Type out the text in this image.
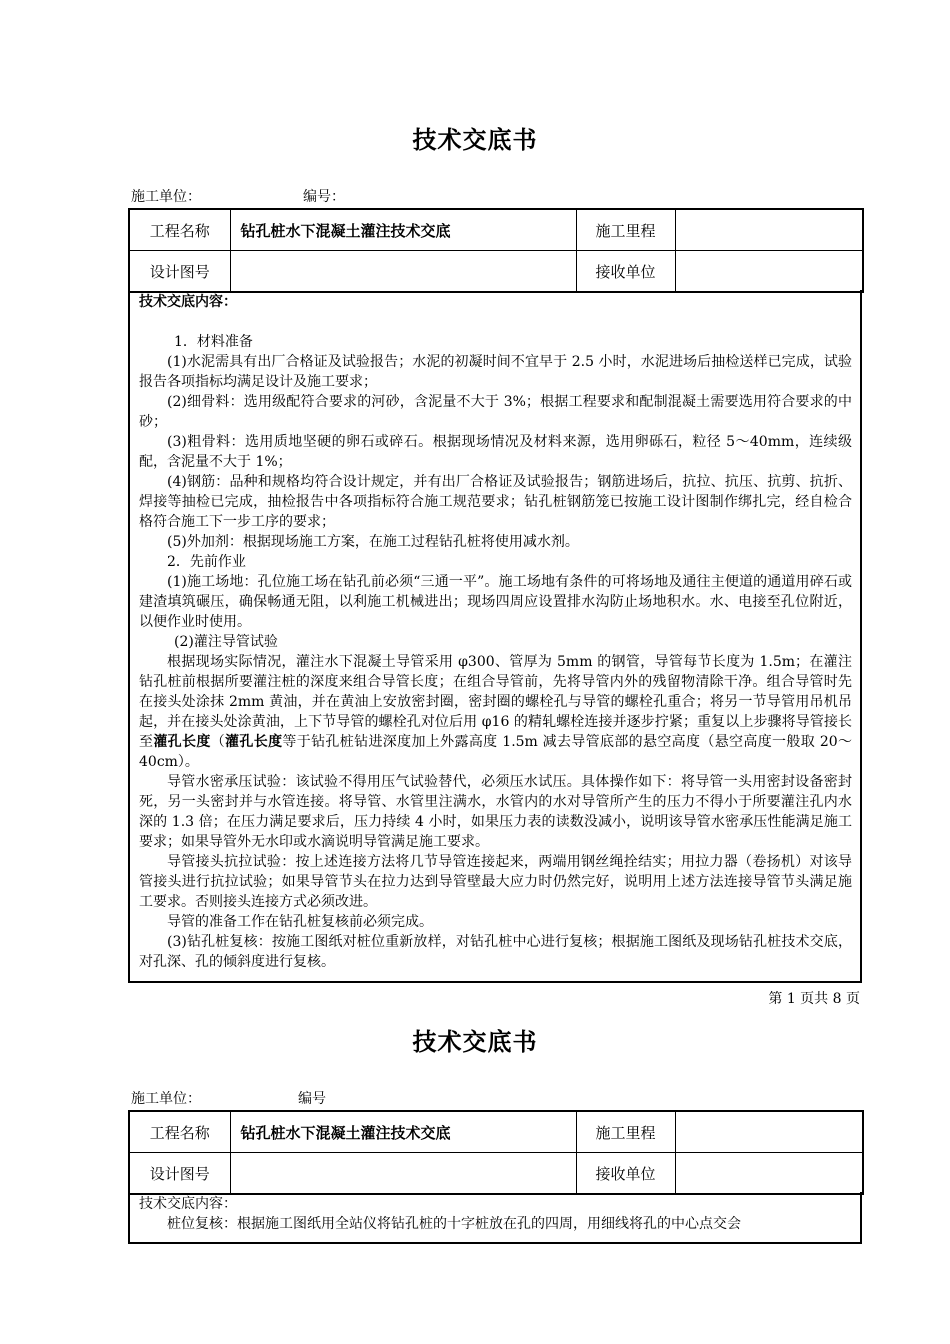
技术交底书
施工单位：	编号：
工程名称	钻孔桩水下混凝土灌注技术交底	施工里程	
设计图号		接收单位	

技术交底内容：

1．材料准备

(1)水泥需具有出厂合格证及试验报告；水泥的初凝时间不宜早于 2.5 小时，水泥进场后抽检送样已完成，试验报告各项指标均满足设计及施工要求；

(2)细骨料：选用级配符合要求的河砂，含泥量不大于 3%；根据工程要求和配制混凝土需要选用符合要求的中砂；

(3)粗骨料：选用质地坚硬的卵石或碎石。根据现场情况及材料来源，选用卵砾石，粒径 5～40mm，连续级配，含泥量不大于 1%；

(4)钢筋：品种和规格均符合设计规定，并有出厂合格证及试验报告；钢筋进场后，抗拉、抗压、抗剪、抗折、焊接等抽检已完成，抽检报告中各项指标符合施工规范要求；钻孔桩钢筋笼已按施工设计图制作绑扎完，经自检合格符合施工下一步工序的要求；

(5)外加剂：根据现场施工方案，在施工过程钻孔桩将使用减水剂。

2．先前作业

(1)施工场地：孔位施工场在钻孔前必须“三通一平”。施工场地有条件的可将场地及通往主便道的通道用碎石或建渣填筑碾压，确保畅通无阻，以利施工机械进出；现场四周应设置排水沟防止场地积水。水、电接至孔位附近，以便作业时使用。

(2)灌注导管试验

根据现场实际情况，灌注水下混凝土导管采用 φ300、管厚为 5mm 的钢管，导管每节长度为 1.5m；在灌注钻孔桩前根据所要灌注桩的深度来组合导管长度；在组合导管前，先将导管内外的残留物清除干净。组合导管时先在接头处涂抹 2mm 黄油，并在黄油上安放密封圈，密封圈的螺栓孔与导管的螺栓孔重合；将另一节导管用吊机吊起，并在接头处涂黄油，上下节导管的螺栓孔对位后用 φ16 的精轧螺栓连接并逐步拧紧；重复以上步骤将导管接长至灌孔长度（灌孔长度等于钻孔桩钻进深度加上外露高度 1.5m 减去导管底部的悬空高度（悬空高度一般取 20～40cm）。

导管水密承压试验：该试验不得用压气试验替代，必须压水试压。具体操作如下：将导管一头用密封设备密封死，另一头密封并与水管连接。将导管、水管里注满水，水管内的水对导管所产生的压力不得小于所要灌注孔内水深的 1.3 倍；在压力满足要求后，压力持续 4 小时，如果压力表的读数没减小，说明该导管水密承压性能满足施工要求；如果导管外无水印或水滴说明导管满足施工要求。

导管接头抗拉试验：按上述连接方法将几节导管连接起来，两端用钢丝绳拴结实；用拉力器（卷扬机）对该导管接头进行抗拉试验；如果导管节头在拉力达到导管壁最大应力时仍然完好，说明用上述方法连接导管节头满足施工要求。否则接头连接方式必须改进。

导管的准备工作在钻孔桩复核前必须完成。

(3)钻孔桩复核：按施工图纸对桩位重新放样，对钻孔桩中心进行复核；根据施工图纸及现场钻孔桩技术交底，对孔深、孔的倾斜度进行复核。

第 1 页共 8 页
技术交底书
施工单位：	编号
工程名称	钻孔桩水下混凝土灌注技术交底	施工里程	
设计图号		接收单位	

技术交底内容：

桩位复核：根据施工图纸用全站仪将钻孔桩的十字桩放在孔的四周，用细线将孔的中心点交会
